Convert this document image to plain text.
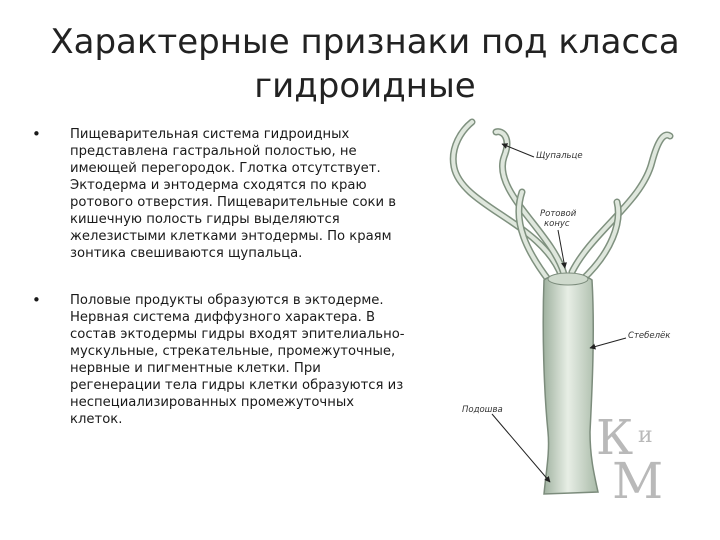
Характерные признаки под класса гидроидные
• Пищеварительная система гидроидных представлена гастральной полостью, не имеющей перегородок. Глотка отсутствует. Эктодерма и энтодерма сходятся по краю ротового отверстия. Пищеварительные соки в кишечную полость гидры выделяются железистыми клетками энтодермы. По краям зонтика свешиваются щупальца.
• Половые продукты образуются в эктодерме. Нервная система диффузного характера. В состав эктодермы гидры входят эпителиально-мускульные, стрекательные, промежуточные, нервные и пигментные клетки. При регенерации тела гидры клетки образуются из неспециализированных промежуточных клеток.
Щупальце
Ротовой
конус
Стебелёк
Подошва К и
М
